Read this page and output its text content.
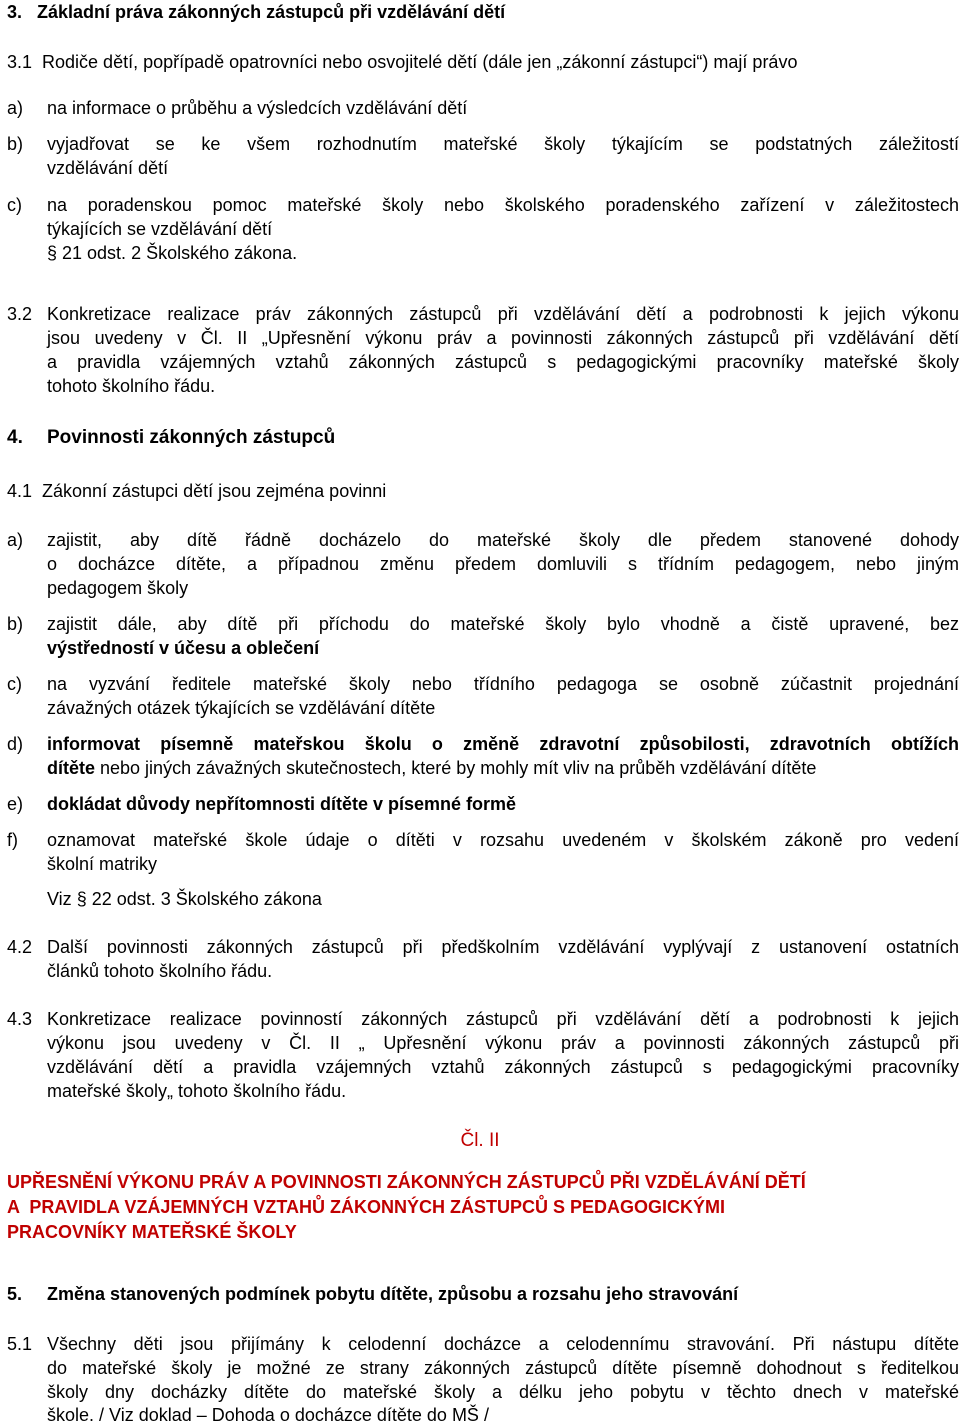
3.   Základní práva zákonných zástupců při vzdělávání dětí
3.1  Rodiče dětí, popřípadě opatrovníci nebo osvojitelé dětí (dále jen „zákonní zástupci“) mají právo
a) na informace o průběhu a výsledcích vzdělávání dětí
b) vyjadřovat se ke všem rozhodnutím mateřské školy týkajícím se podstatných záležitostí
vzdělávání dětí
c) na poradenskou pomoc mateřské školy nebo školského poradenského zařízení v záležitostech
týkajících se vzdělávání dětí
§ 21 odst. 2 Školského zákona.
3.2 Konkretizace realizace práv zákonných zástupců při vzdělávání dětí a podrobnosti k jejich výkonu
jsou uvedeny v Čl. II „Upřesnění výkonu práv a povinnosti zákonných zástupců při vzdělávání dětí
a pravidla vzájemných vztahů zákonných zástupců s pedagogickými pracovníky mateřské školy
tohoto školního řádu.
4. Povinnosti zákonných zástupců
4.1  Zákonní zástupci dětí jsou zejména povinni
a) zajistit, aby dítě řádně docházelo do mateřské školy dle předem stanovené dohody
o docházce dítěte, a případnou změnu předem domluvili s třídním pedagogem, nebo jiným
pedagogem školy
b) zajistit dále, aby dítě při příchodu do mateřské školy bylo vhodně a čistě upravené, bez
výstředností v účesu a oblečení
c) na vyzvání ředitele mateřské školy nebo třídního pedagoga se osobně zúčastnit projednání
závažných otázek týkajících se vzdělávání dítěte
d) informovat písemně mateřskou školu o změně zdravotní způsobilosti, zdravotních obtížích
dítěte nebo jiných závažných skutečnostech, které by mohly mít vliv na průběh vzdělávání dítěte
e) dokládat důvody nepřítomnosti dítěte v písemné formě
f) oznamovat mateřské škole údaje o dítěti v rozsahu uvedeném v školském zákoně pro vedení
školní matriky
Viz § 22 odst. 3 Školského zákona
4.2 Další povinnosti zákonných zástupců při předškolním vzdělávání vyplývají z ustanovení ostatních
článků tohoto školního řádu.
4.3 Konkretizace realizace povinností zákonných zástupců při vzdělávání dětí a podrobnosti k jejich
výkonu jsou uvedeny v Čl. II „ Upřesnění výkonu práv a povinnosti zákonných zástupců při
vzdělávání dětí a pravidla vzájemných vztahů zákonných zástupců s pedagogickými pracovníky
mateřské školy„ tohoto školního řádu.
Čl. II
UPŘESNĚNÍ VÝKONU PRÁV A POVINNOSTI ZÁKONNÝCH ZÁSTUPCŮ PŘI VZDĚLÁVÁNÍ DĚTÍ
A  PRAVIDLA VZÁJEMNÝCH VZTAHŮ ZÁKONNÝCH ZÁSTUPCŮ S PEDAGOGICKÝMI
PRACOVNÍKY MATEŘSKÉ ŠKOLY
5. Změna stanovených podmínek pobytu dítěte, způsobu a rozsahu jeho stravování
5.1 Všechny děti jsou přijímány k celodenní docházce a celodennímu stravování. Při nástupu dítěte
do mateřské školy je možné ze strany zákonných zástupců dítěte písemně dohodnout s ředitelkou
školy dny docházky dítěte do mateřské školy a délku jeho pobytu v těchto dnech v mateřské
škole. / Viz doklad – Dohoda o docházce dítěte do MŠ /
